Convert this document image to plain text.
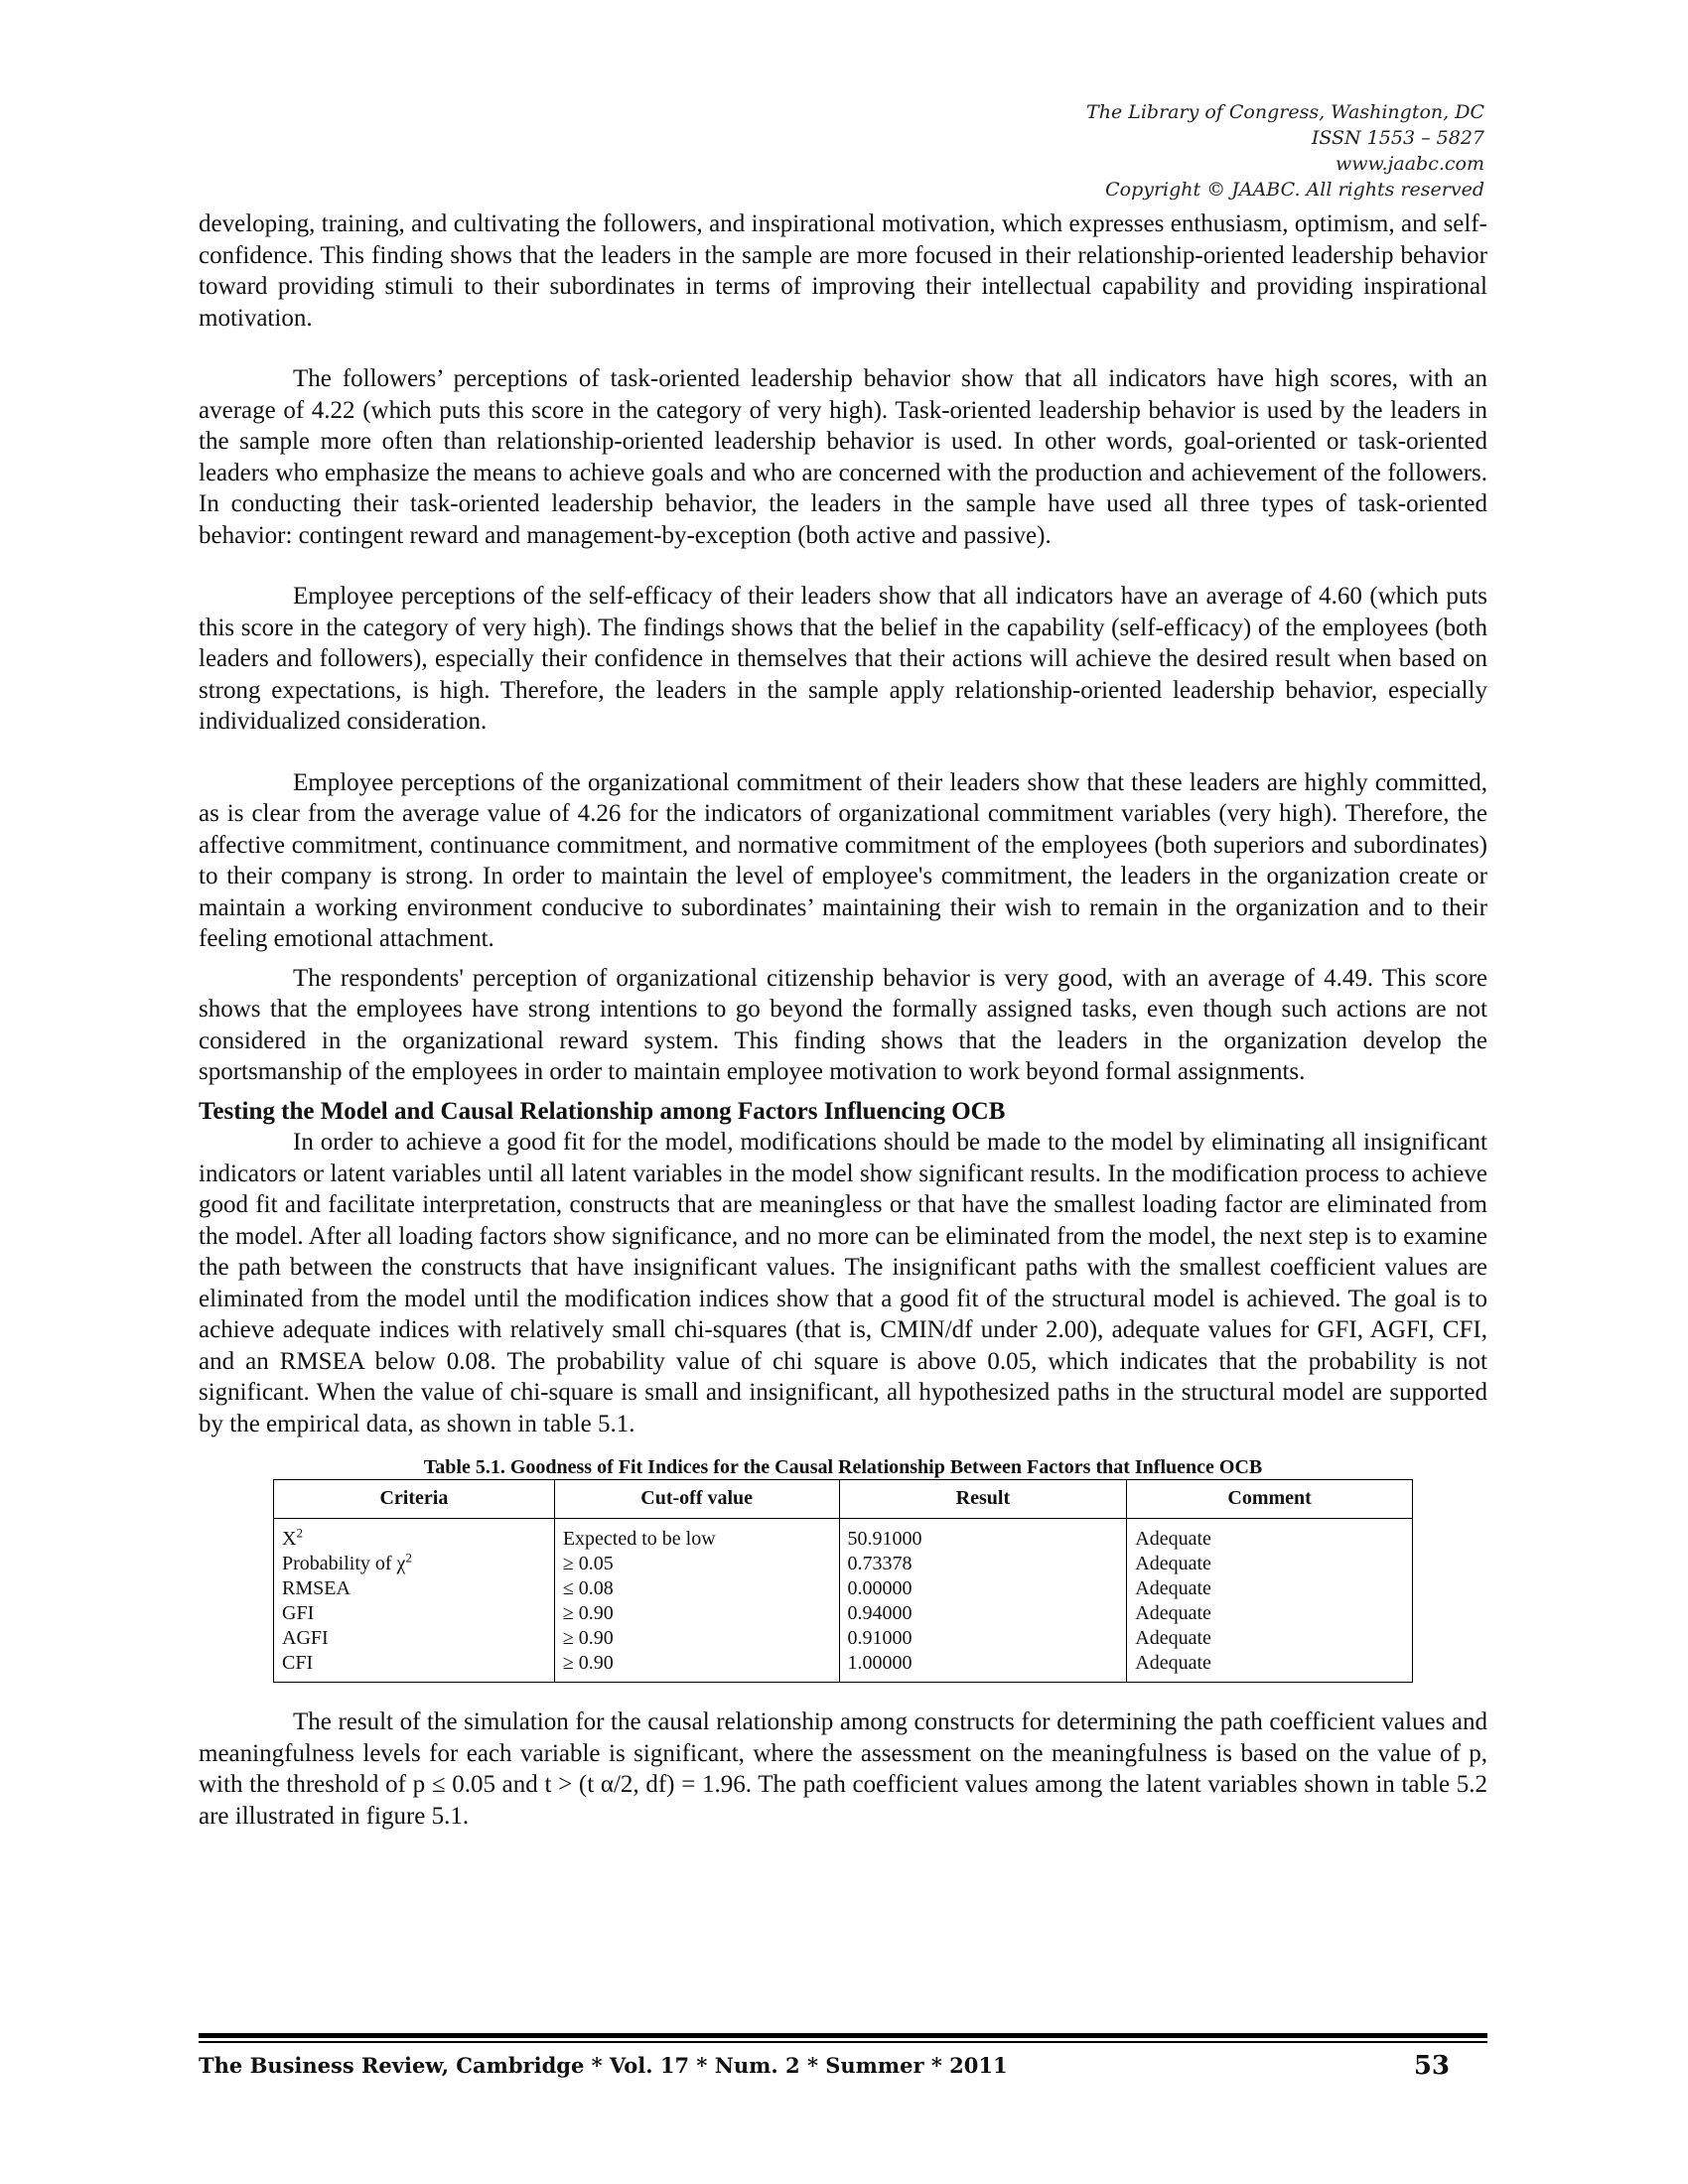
The Library of Congress, Washington, DC
ISSN 1553 – 5827
www.jaabc.com
Copyright © JAABC. All rights reserved

developing, training, and cultivating the followers, and inspirational motivation, which expresses enthusiasm, optimism, and self-confidence. This finding shows that the leaders in the sample are more focused in their relationship-oriented leadership behavior toward providing stimuli to their subordinates in terms of improving their intellectual capability and providing inspirational motivation.

The followers’ perceptions of task-oriented leadership behavior show that all indicators have high scores, with an average of 4.22 (which puts this score in the category of very high). Task-oriented leadership behavior is used by the leaders in the sample more often than relationship-oriented leadership behavior is used. In other words, goal-oriented or task-oriented leaders who emphasize the means to achieve goals and who are concerned with the production and achievement of the followers. In conducting their task-oriented leadership behavior, the leaders in the sample have used all three types of task-oriented behavior: contingent reward and management-by-exception (both active and passive).

Employee perceptions of the self-efficacy of their leaders show that all indicators have an average of 4.60 (which puts this score in the category of very high). The findings shows that the belief in the capability (self-efficacy) of the employees (both leaders and followers), especially their confidence in themselves that their actions will achieve the desired result when based on strong expectations, is high. Therefore, the leaders in the sample apply relationship-oriented leadership behavior, especially individualized consideration.

Employee perceptions of the organizational commitment of their leaders show that these leaders are highly committed, as is clear from the average value of 4.26 for the indicators of organizational commitment variables (very high). Therefore, the affective commitment, continuance commitment, and normative commitment of the employees (both superiors and subordinates) to their company is strong. In order to maintain the level of employee's commitment, the leaders in the organization create or maintain a working environment conducive to subordinates’ maintaining their wish to remain in the organization and to their feeling emotional attachment.

The respondents' perception of organizational citizenship behavior is very good, with an average of 4.49. This score shows that the employees have strong intentions to go beyond the formally assigned tasks, even though such actions are not considered in the organizational reward system. This finding shows that the leaders in the organization develop the sportsmanship of the employees in order to maintain employee motivation to work beyond formal assignments.

Testing the Model and Causal Relationship among Factors Influencing OCB

In order to achieve a good fit for the model, modifications should be made to the model by eliminating all insignificant indicators or latent variables until all latent variables in the model show significant results. In the modification process to achieve good fit and facilitate interpretation, constructs that are meaningless or that have the smallest loading factor are eliminated from the model. After all loading factors show significance, and no more can be eliminated from the model, the next step is to examine the path between the constructs that have insignificant values. The insignificant paths with the smallest coefficient values are eliminated from the model until the modification indices show that a good fit of the structural model is achieved. The goal is to achieve adequate indices with relatively small chi-squares (that is, CMIN/df under 2.00), adequate values for GFI, AGFI, CFI, and an RMSEA below 0.08. The probability value of chi square is above 0.05, which indicates that the probability is not significant. When the value of chi-square is small and insignificant, all hypothesized paths in the structural model are supported by the empirical data, as shown in table 5.1.

Table 5.1. Goodness of Fit Indices for the Causal Relationship Between Factors that Influence OCB
Criteria	Cut-off value	Result	Comment
$X^2$	Expected to be low	50.91000	Adequate
Probability of $\chi^2$	≥ 0.05	0.73378	Adequate
RMSEA	≤ 0.08	0.00000	Adequate
GFI	≥ 0.90	0.94000	Adequate
AGFI	≥ 0.90	0.91000	Adequate
CFI	≥ 0.90	1.00000	Adequate

The result of the simulation for the causal relationship among constructs for determining the path coefficient values and meaningfulness levels for each variable is significant, where the assessment on the meaningfulness is based on the value of p, with the threshold of p ≤ 0.05 and t > (t α/2, df) = 1.96. The path coefficient values among the latent variables shown in table 5.2 are illustrated in figure 5.1.

The Business Review, Cambridge * Vol. 17 * Num. 2 * Summer * 2011	53
